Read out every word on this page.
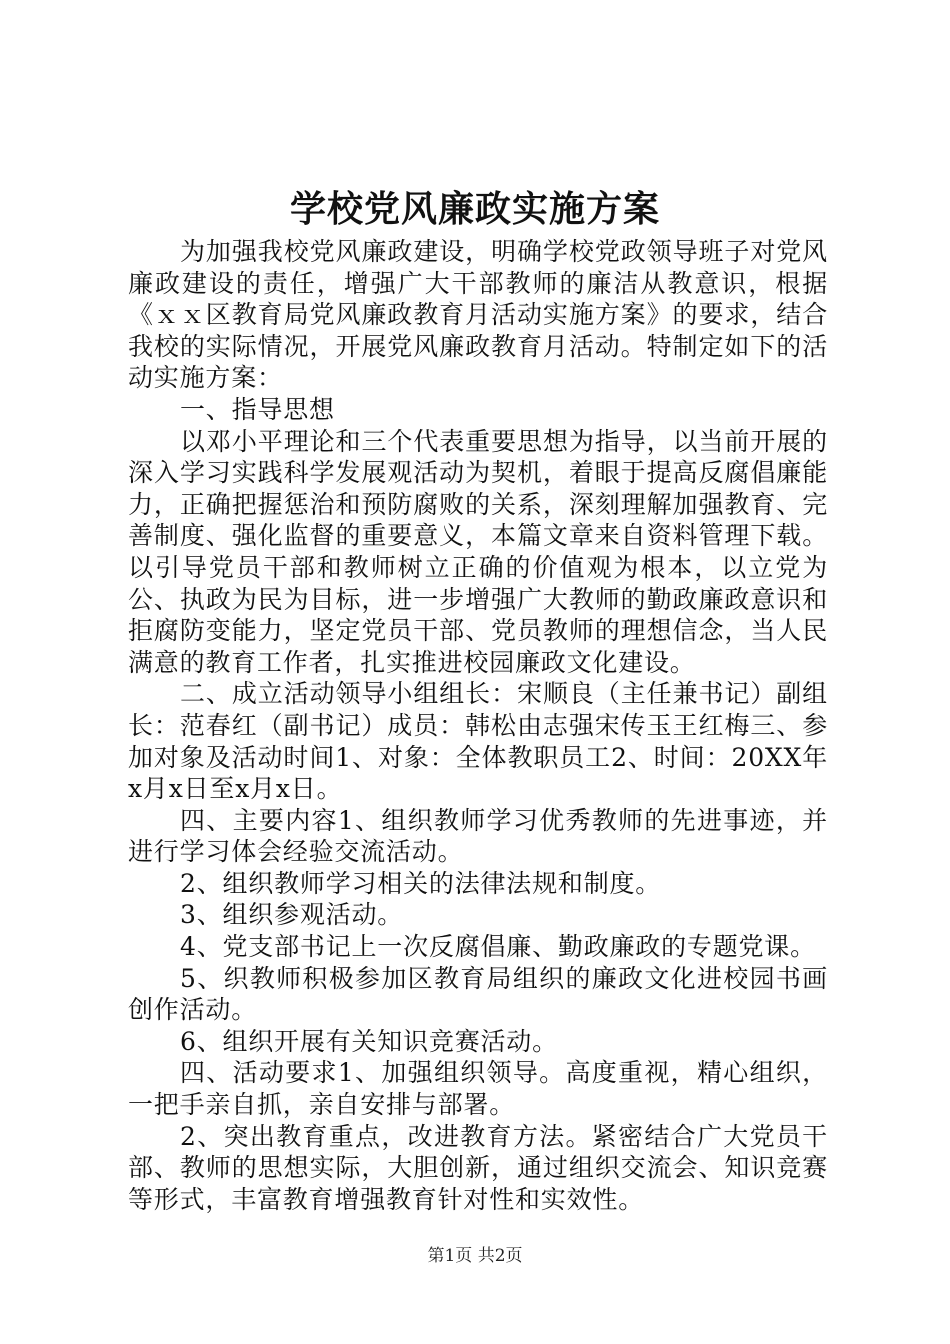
学校党风廉政实施方案

为加强我校党风廉政建设，明确学校党政领导班子对党风廉政建设的责任，增强广大干部教师的廉洁从教意识，根据《ｘｘ区教育局党风廉政教育月活动实施方案》的要求，结合我校的实际情况，开展党风廉政教育月活动。特制定如下的活动实施方案：

一、指导思想

以邓小平理论和三个代表重要思想为指导，以当前开展的深入学习实践科学发展观活动为契机，着眼于提高反腐倡廉能力，正确把握惩治和预防腐败的关系，深刻理解加强教育、完善制度、强化监督的重要意义，本篇文章来自资料管理下载。以引导党员干部和教师树立正确的价值观为根本，以立党为公、执政为民为目标，进一步增强广大教师的勤政廉政意识和拒腐防变能力，坚定党员干部、党员教师的理想信念，当人民满意的教育工作者，扎实推进校园廉政文化建设。

二、成立活动领导小组组长：宋顺良（主任兼书记）副组长：范春红（副书记）成员：韩松由志强宋传玉王红梅三、参加对象及活动时间1、对象：全体教职员工2、时间：20XX年x月x日至x月x日。

四、主要内容1、组织教师学习优秀教师的先进事迹，并进行学习体会经验交流活动。

2、组织教师学习相关的法律法规和制度。

3、组织参观活动。

4、党支部书记上一次反腐倡廉、勤政廉政的专题党课。

5、织教师积极参加区教育局组织的廉政文化进校园书画创作活动。

6、组织开展有关知识竞赛活动。

四、活动要求1、加强组织领导。高度重视，精心组织，一把手亲自抓，亲自安排与部署。

2、突出教育重点，改进教育方法。紧密结合广大党员干部、教师的思想实际，大胆创新，通过组织交流会、知识竞赛等形式，丰富教育增强教育针对性和实效性。

第1页 共2页
